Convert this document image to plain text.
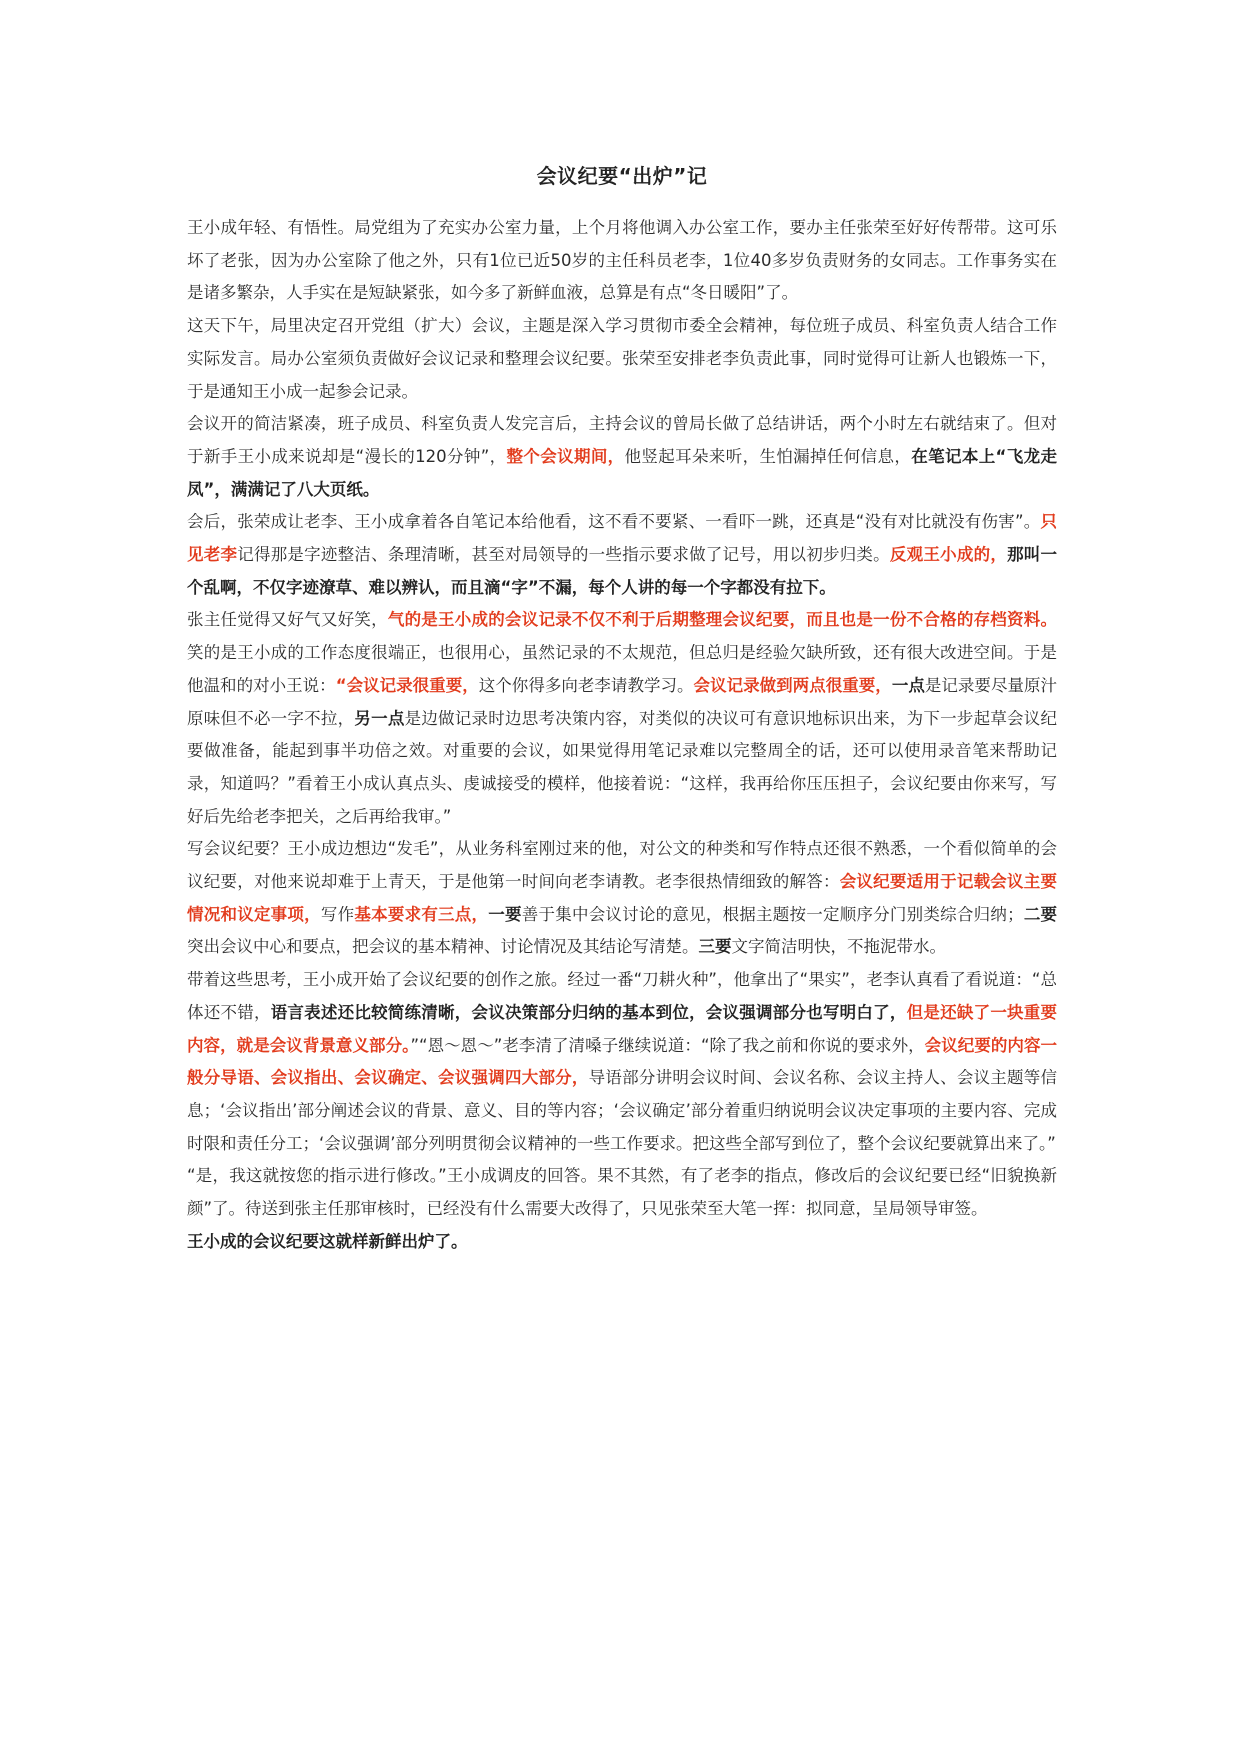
会议纪要“出炉”记

王小成年轻、有悟性。局党组为了充实办公室力量，上个月将他调入办公室工作，要办主任张荣至好好传帮带。这可乐坏了老张，因为办公室除了他之外，只有1位已近50岁的主任科员老李，1位40多岁负责财务的女同志。工作事务实在是诸多繁杂，人手实在是短缺紧张，如今多了新鲜血液，总算是有点“冬日暖阳”了。

这天下午，局里决定召开党组（扩大）会议，主题是深入学习贯彻市委全会精神，每位班子成员、科室负责人结合工作实际发言。局办公室须负责做好会议记录和整理会议纪要。张荣至安排老李负责此事，同时觉得可让新人也锻炼一下，于是通知王小成一起参会记录。

会议开的简洁紧凑，班子成员、科室负责人发完言后，主持会议的曾局长做了总结讲话，两个小时左右就结束了。但对于新手王小成来说却是“漫长的120分钟”，整个会议期间，他竖起耳朵来听，生怕漏掉任何信息，在笔记本上“飞龙走凤”，满满记了八大页纸。

会后，张荣成让老李、王小成拿着各自笔记本给他看，这不看不要紧、一看吓一跳，还真是“没有对比就没有伤害”。只见老李记得那是字迹整洁、条理清晰，甚至对局领导的一些指示要求做了记号，用以初步归类。反观王小成的，那叫一个乱啊，不仅字迹潦草、难以辨认，而且滴“字”不漏，每个人讲的每一个字都没有拉下。

张主任觉得又好气又好笑，气的是王小成的会议记录不仅不利于后期整理会议纪要，而且也是一份不合格的存档资料。笑的是王小成的工作态度很端正，也很用心，虽然记录的不太规范，但总归是经验欠缺所致，还有很大改进空间。于是他温和的对小王说：“会议记录很重要，这个你得多向老李请教学习。会议记录做到两点很重要，一点是记录要尽量原汁原味但不必一字不拉，另一点是边做记录时边思考决策内容，对类似的决议可有意识地标识出来，为下一步起草会议纪要做准备，能起到事半功倍之效。对重要的会议，如果觉得用笔记录难以完整周全的话，还可以使用录音笔来帮助记录，知道吗？”看着王小成认真点头、虔诚接受的模样，他接着说：“这样，我再给你压压担子，会议纪要由你来写，写好后先给老李把关，之后再给我审。”

写会议纪要？王小成边想边“发毛”，从业务科室刚过来的他，对公文的种类和写作特点还很不熟悉，一个看似简单的会议纪要，对他来说却难于上青天，于是他第一时间向老李请教。老李很热情细致的解答：会议纪要适用于记载会议主要情况和议定事项，写作基本要求有三点，一要善于集中会议讨论的意见，根据主题按一定顺序分门别类综合归纳；二要突出会议中心和要点，把会议的基本精神、讨论情况及其结论写清楚。三要文字简洁明快，不拖泥带水。

带着这些思考，王小成开始了会议纪要的创作之旅。经过一番“刀耕火种”，他拿出了“果实”，老李认真看了看说道：“总体还不错，语言表述还比较简练清晰，会议决策部分归纳的基本到位，会议强调部分也写明白了，但是还缺了一块重要内容，就是会议背景意义部分。”“恩～恩～”老李清了清嗓子继续说道：“除了我之前和你说的要求外，会议纪要的内容一般分导语、会议指出、会议确定、会议强调四大部分，导语部分讲明会议时间、会议名称、会议主持人、会议主题等信息；‘会议指出’部分阐述会议的背景、意义、目的等内容；‘会议确定’部分着重归纳说明会议决定事项的主要内容、完成时限和责任分工；‘会议强调’部分列明贯彻会议精神的一些工作要求。把这些全部写到位了，整个会议纪要就算出来了。”

“是，我这就按您的指示进行修改。”王小成调皮的回答。果不其然，有了老李的指点，修改后的会议纪要已经“旧貌换新颜”了。待送到张主任那审核时，已经没有什么需要大改得了，只见张荣至大笔一挥：拟同意，呈局领导审签。

王小成的会议纪要这就样新鲜出炉了。
